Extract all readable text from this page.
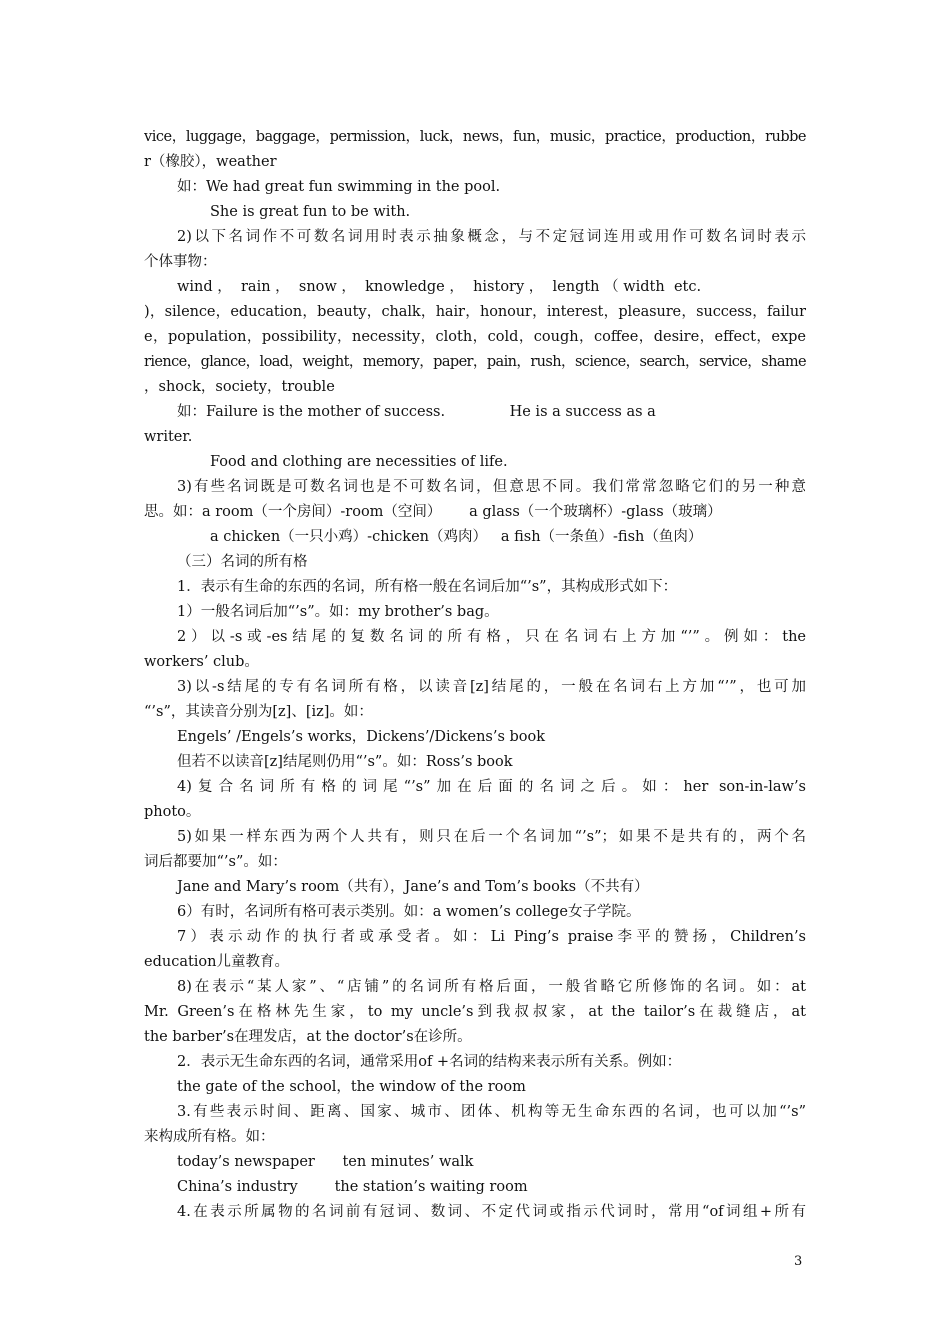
vice，luggage，baggage，permission，luck，news，fun，music，practice，production，rubbe
r（橡胶），weather
如：We had great fun swimming in the pool.
She is great fun to be with.
2)以下名词作不可数名词用时表示抽象概念，与不定冠词连用或用作可数名词时表示
个体事物：
wind ，  rain ，  snow ，  knowledge ，  history ，  length （ width  etc.
)，silence，education，beauty，chalk，hair，honour，interest，pleasure，success，failur
e，population，possibility，necessity，cloth，cold，cough，coffee，desire，effect，expe
rience，glance，load，weight，memory，paper，pain，rush，science，search，service，shame
，shock，society，trouble
如：Failure is the mother of success.              He is a success as a
writer.
Food and clothing are necessities of life.
3)有些名词既是可数名词也是不可数名词，但意思不同。我们常常忽略它们的另一种意
思。如：a room（一个房间）-room（空间）      a glass（一个玻璃杯）-glass（玻璃）
a chicken（一只小鸡）-chicken（鸡肉）   a fish（一条鱼）-fish（鱼肉）
（三）名词的所有格
1．表示有生命的东西的名词，所有格一般在名词后加“’s”，其构成形式如下：
1）一般名词后加“’s”。如：my brother’s bag。
2）以-s或-es结尾的复数名词的所有格，只在名词右上方加“’”。例如：the
workers’ club。
3)以-s结尾的专有名词所有格，以读音[z]结尾的，一般在名词右上方加“’”，也可加
“’s”，其读音分别为[z]、[iz]。如：
Engels’ /Engels’s works，Dickens’/Dickens’s book
但若不以读音[z]结尾则仍用“’s”。如：Ross’s book
4)复合名词所有格的词尾“’s”加在后面的名词之后。如：her son-in-law’s
photo。
5)如果一样东西为两个人共有，则只在后一个名词加“’s”；如果不是共有的，两个名
词后都要加“’s”。如：
Jane and Mary’s room（共有），Jane’s and Tom’s books（不共有）
6）有时，名词所有格可表示类别。如：a women’s college女子学院。
7）表示动作的执行者或承受者。如：Li Ping’s praise李平的赞扬，Children’s
education儿童教育。
8)在表示“某人家”、“店铺”的名词所有格后面，一般省略它所修饰的名词。如：at
Mr. Green’s在格林先生家，to my uncle’s到我叔叔家，at the tailor’s在裁缝店，at
the barber’s在理发店，at the doctor’s在诊所。
2．表示无生命东西的名词，通常采用of +名词的结构来表示所有关系。例如：
the gate of the school，the window of the room
3.有些表示时间、距离、国家、城市、团体、机构等无生命东西的名词，也可以加“’s”
来构成所有格。如：
today’s newspaper      ten minutes’ walk
China’s industry        the station’s waiting room
4.在表示所属物的名词前有冠词、数词、不定代词或指示代词时，常用“of词组+所有
3
